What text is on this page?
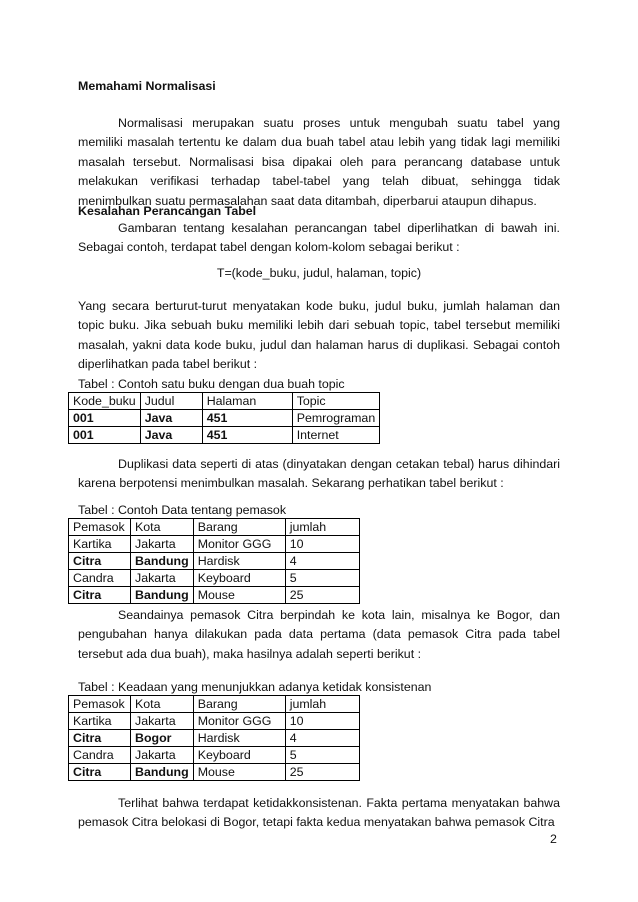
Memahami Normalisasi
Normalisasi merupakan suatu proses untuk mengubah suatu tabel yang memiliki masalah tertentu ke dalam dua buah tabel atau lebih yang tidak lagi memiliki masalah tersebut. Normalisasi bisa dipakai oleh para perancang database untuk melakukan verifikasi terhadap tabel-tabel yang telah dibuat, sehingga tidak menimbulkan suatu permasalahan saat data ditambah, diperbarui ataupun dihapus.
Kesalahan Perancangan Tabel
Gambaran tentang kesalahan perancangan tabel diperlihatkan di bawah ini. Sebagai contoh, terdapat tabel dengan kolom-kolom sebagai berikut :
T=(kode_buku, judul, halaman, topic)
Yang secara berturut-turut menyatakan kode buku, judul buku, jumlah halaman dan topic buku. Jika sebuah buku memiliki lebih dari sebuah topic, tabel tersebut memiliki masalah, yakni data kode buku, judul dan halaman harus di duplikasi. Sebagai contoh diperlihatkan pada tabel berikut :
Tabel : Contoh satu buku dengan dua buah topic
Kode_buku	Judul	Halaman	Topic
001	Java	451	Pemrograman
001	Java	451	Internet
Duplikasi data seperti di atas (dinyatakan dengan cetakan tebal) harus dihindari karena berpotensi menimbulkan masalah. Sekarang perhatikan tabel berikut :
Tabel : Contoh Data tentang pemasok
Pemasok	Kota	Barang	jumlah
Kartika	Jakarta	Monitor GGG	10
Citra	Bandung	Hardisk	4
Candra	Jakarta	Keyboard	5
Citra	Bandung	Mouse	25
Seandainya pemasok Citra berpindah ke kota lain, misalnya ke Bogor, dan pengubahan hanya dilakukan pada data pertama (data pemasok Citra pada tabel tersebut ada dua buah), maka hasilnya adalah seperti berikut :
Tabel : Keadaan yang menunjukkan adanya ketidak konsistenan
Pemasok	Kota	Barang	jumlah
Kartika	Jakarta	Monitor GGG	10
Citra	Bogor	Hardisk	4
Candra	Jakarta	Keyboard	5
Citra	Bandung	Mouse	25
Terlihat bahwa terdapat ketidakkonsistenan. Fakta pertama menyatakan bahwa pemasok Citra belokasi di Bogor, tetapi fakta kedua menyatakan bahwa pemasok Citra
2
